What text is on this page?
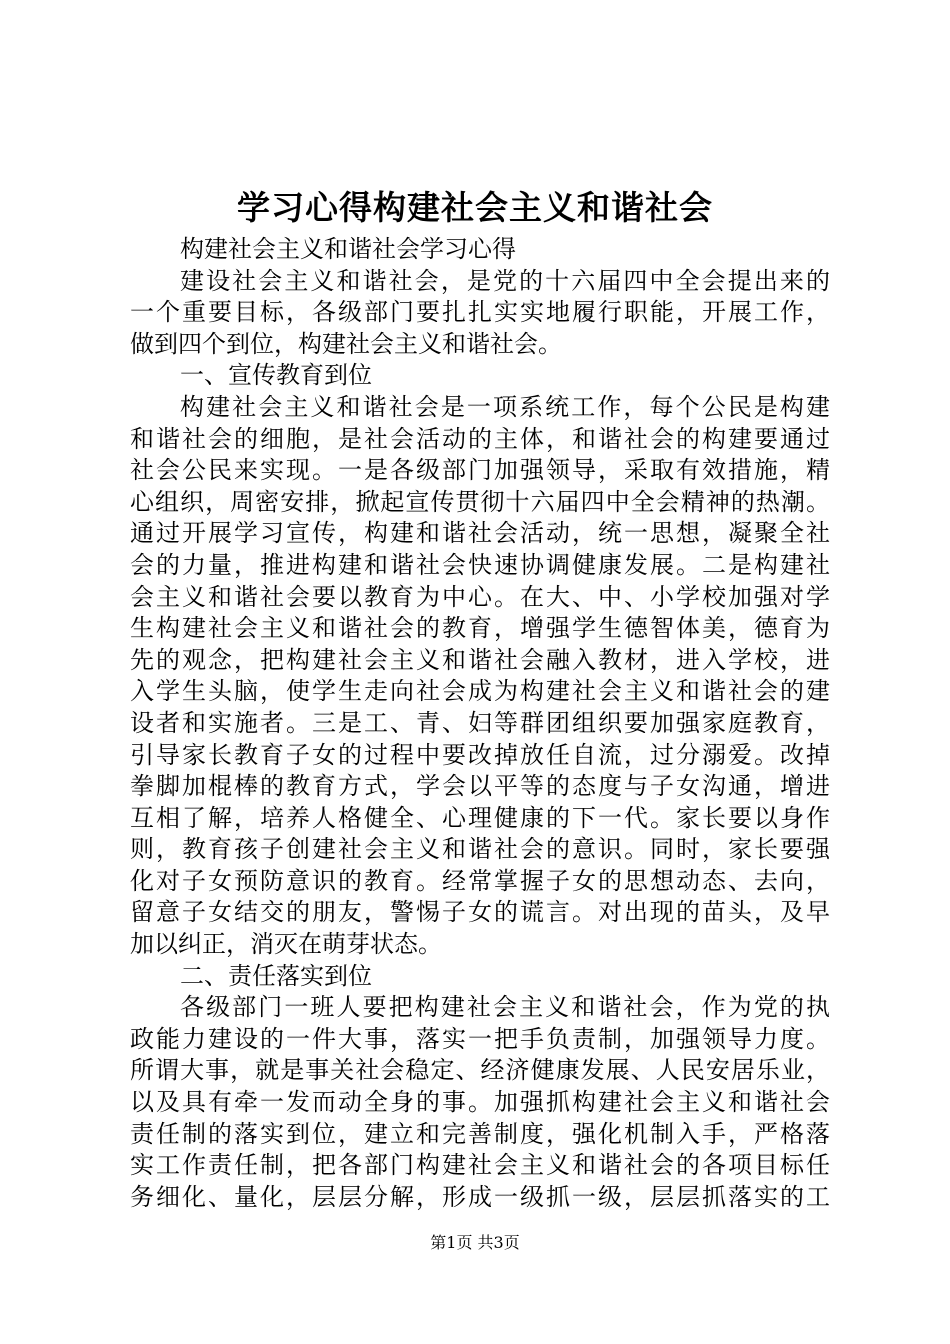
学习心得构建社会主义和谐社会
构建社会主义和谐社会学习心得
建设社会主义和谐社会，是党的十六届四中全会提出来的
一个重要目标，各级部门要扎扎实实地履行职能，开展工作，
做到四个到位，构建社会主义和谐社会。
一、宣传教育到位
构建社会主义和谐社会是一项系统工作，每个公民是构建
和谐社会的细胞，是社会活动的主体，和谐社会的构建要通过
社会公民来实现。一是各级部门加强领导，采取有效措施，精
心组织，周密安排，掀起宣传贯彻十六届四中全会精神的热潮。
通过开展学习宣传，构建和谐社会活动，统一思想，凝聚全社
会的力量，推进构建和谐社会快速协调健康发展。二是构建社
会主义和谐社会要以教育为中心。在大、中、小学校加强对学
生构建社会主义和谐社会的教育，增强学生德智体美，德育为
先的观念，把构建社会主义和谐社会融入教材，进入学校，进
入学生头脑，使学生走向社会成为构建社会主义和谐社会的建
设者和实施者。三是工、青、妇等群团组织要加强家庭教育，
引导家长教育子女的过程中要改掉放任自流，过分溺爱。改掉
拳脚加棍棒的教育方式，学会以平等的态度与子女沟通，增进
互相了解，培养人格健全、心理健康的下一代。家长要以身作
则，教育孩子创建社会主义和谐社会的意识。同时，家长要强
化对子女预防意识的教育。经常掌握子女的思想动态、去向，
留意子女结交的朋友，警惕子女的谎言。对出现的苗头，及早
加以纠正，消灭在萌芽状态。
二、责任落实到位
各级部门一班人要把构建社会主义和谐社会，作为党的执
政能力建设的一件大事，落实一把手负责制，加强领导力度。
所谓大事，就是事关社会稳定、经济健康发展、人民安居乐业，
以及具有牵一发而动全身的事。加强抓构建社会主义和谐社会
责任制的落实到位，建立和完善制度，强化机制入手，严格落
实工作责任制，把各部门构建社会主义和谐社会的各项目标任
务细化、量化，层层分解，形成一级抓一级，层层抓落实的工
第1页 共3页
